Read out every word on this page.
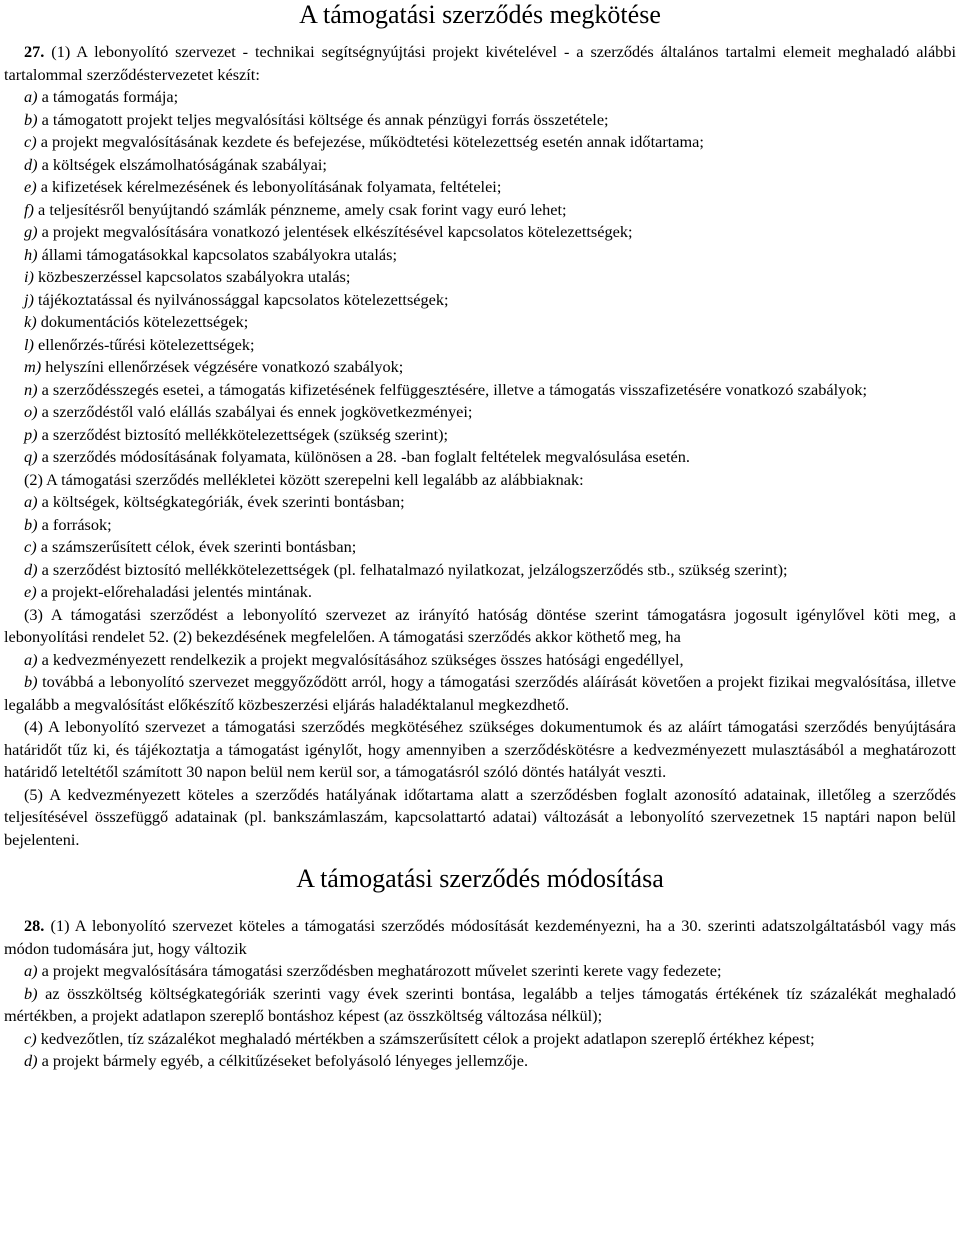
A támogatási szerződés megkötése

27. (1) A lebonyolító szervezet - technikai segítségnyújtási projekt kivételével - a szerződés általános tartalmi elemeit meghaladó alábbi tartalommal szerződéstervezetet készít:

a) a támogatás formája;

b) a támogatott projekt teljes megvalósítási költsége és annak pénzügyi forrás összetétele;

c) a projekt megvalósításának kezdete és befejezése, működtetési kötelezettség esetén annak időtartama;

d) a költségek elszámolhatóságának szabályai;

e) a kifizetések kérelmezésének és lebonyolításának folyamata, feltételei;

f) a teljesítésről benyújtandó számlák pénzneme, amely csak forint vagy euró lehet;

g) a projekt megvalósítására vonatkozó jelentések elkészítésével kapcsolatos kötelezettségek;

h) állami támogatásokkal kapcsolatos szabályokra utalás;

i) közbeszerzéssel kapcsolatos szabályokra utalás;

j) tájékoztatással és nyilvánossággal kapcsolatos kötelezettségek;

k) dokumentációs kötelezettségek;

l) ellenőrzés-tűrési kötelezettségek;

m) helyszíni ellenőrzések végzésére vonatkozó szabályok;

n) a szerződésszegés esetei, a támogatás kifizetésének felfüggesztésére, illetve a támogatás visszafizetésére vonatkozó szabályok;

o) a szerződéstől való elállás szabályai és ennek jogkövetkezményei;

p) a szerződést biztosító mellékkötelezettségek (szükség szerint);

q) a szerződés módosításának folyamata, különösen a 28. -ban foglalt feltételek megvalósulása esetén.

(2) A támogatási szerződés mellékletei között szerepelni kell legalább az alábbiaknak:

a) a költségek, költségkategóriák, évek szerinti bontásban;

b) a források;

c) a számszerűsített célok, évek szerinti bontásban;

d) a szerződést biztosító mellékkötelezettségek (pl. felhatalmazó nyilatkozat, jelzálogszerződés stb., szükség szerint);

e) a projekt-előrehaladási jelentés mintának.

(3) A támogatási szerződést a lebonyolító szervezet az irányító hatóság döntése szerint támogatásra jogosult igénylővel köti meg, a lebonyolítási rendelet 52. (2) bekezdésének megfelelően. A támogatási szerződés akkor köthető meg, ha

a) a kedvezményezett rendelkezik a projekt megvalósításához szükséges összes hatósági engedéllyel,

b) továbbá a lebonyolító szervezet meggyőződött arról, hogy a támogatási szerződés aláírását követően a projekt fizikai megvalósítása, illetve legalább a megvalósítást előkészítő közbeszerzési eljárás haladéktalanul megkezdhető.

(4) A lebonyolító szervezet a támogatási szerződés megkötéséhez szükséges dokumentumok és az aláírt támogatási szerződés benyújtására határidőt tűz ki, és tájékoztatja a támogatást igénylőt, hogy amennyiben a szerződéskötésre a kedvezményezett mulasztásából a meghatározott határidő leteltétől számított 30 napon belül nem kerül sor, a támogatásról szóló döntés hatályát veszti.

(5) A kedvezményezett köteles a szerződés hatályának időtartama alatt a szerződésben foglalt azonosító adatainak, illetőleg a szerződés teljesítésével összefüggő adatainak (pl. bankszámlaszám, kapcsolattartó adatai) változását a lebonyolító szervezetnek 15 naptári napon belül bejelenteni.

A támogatási szerződés módosítása

28. (1) A lebonyolító szervezet köteles a támogatási szerződés módosítását kezdeményezni, ha a 30. szerinti adatszolgáltatásból vagy más módon tudomására jut, hogy változik

a) a projekt megvalósítására támogatási szerződésben meghatározott művelet szerinti kerete vagy fedezete;

b) az összköltség költségkategóriák szerinti vagy évek szerinti bontása, legalább a teljes támogatás értékének tíz százalékát meghaladó mértékben, a projekt adatlapon szereplő bontáshoz képest (az összköltség változása nélkül);

c) kedvezőtlen, tíz százalékot meghaladó mértékben a számszerűsített célok a projekt adatlapon szereplő értékhez képest;

d) a projekt bármely egyéb, a célkitűzéseket befolyásoló lényeges jellemzője.
